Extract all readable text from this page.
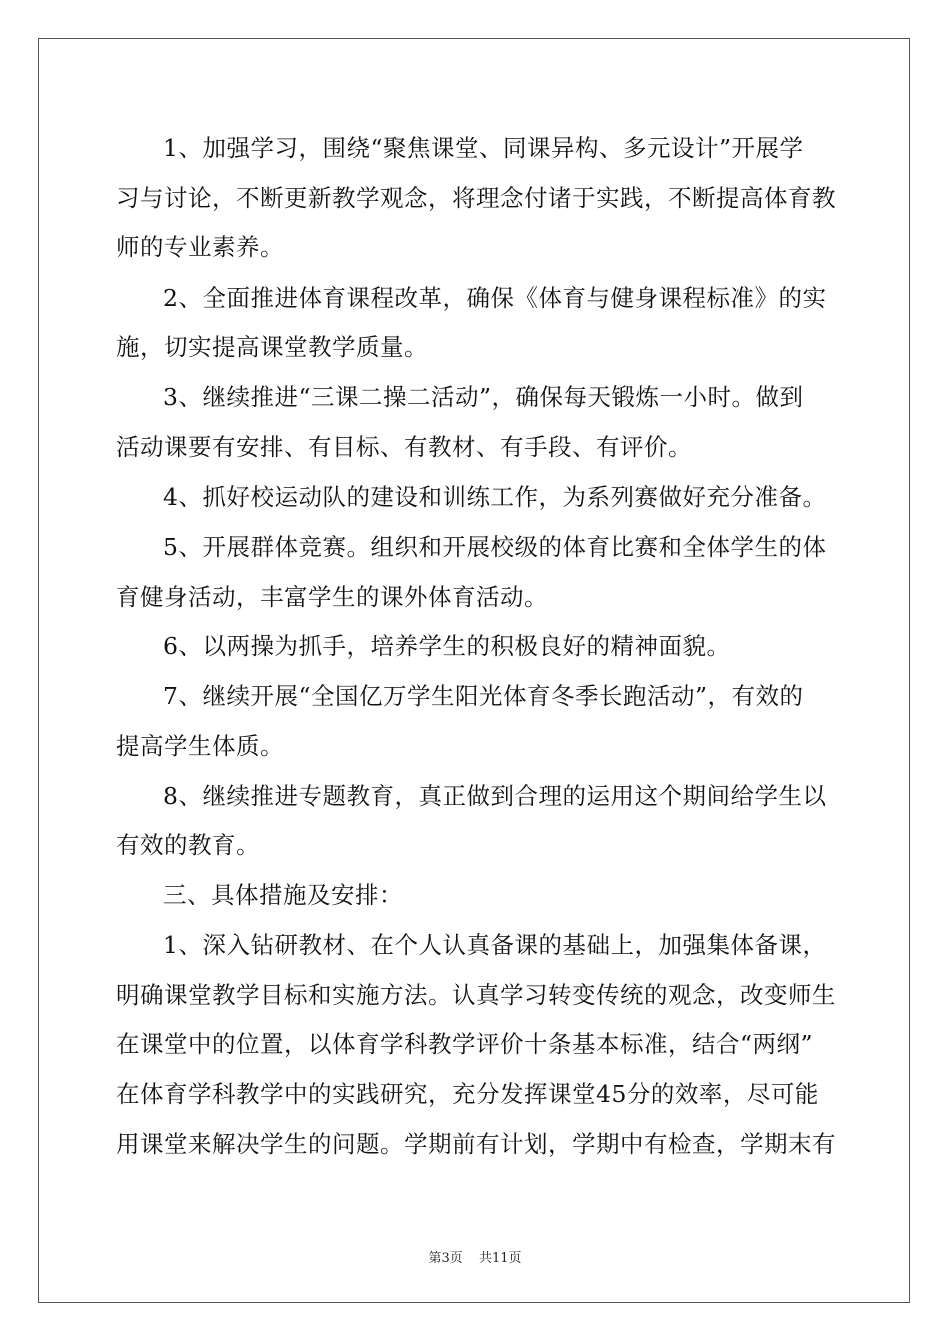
1、加强学习，围绕“聚焦课堂、同课异构、多元设计”开展学
习与讨论，不断更新教学观念，将理念付诸于实践，不断提高体育教
师的专业素养。
2、全面推进体育课程改革，确保《体育与健身课程标准》的实
施，切实提高课堂教学质量。
3、继续推进“三课二操二活动”，确保每天锻炼一小时。做到
活动课要有安排、有目标、有教材、有手段、有评价。
4、抓好校运动队的建设和训练工作，为系列赛做好充分准备。
5、开展群体竞赛。组织和开展校级的体育比赛和全体学生的体
育健身活动，丰富学生的课外体育活动。
6、以两操为抓手，培养学生的积极良好的精神面貌。
7、继续开展“全国亿万学生阳光体育冬季长跑活动”，有效的
提高学生体质。
8、继续推进专题教育，真正做到合理的运用这个期间给学生以
有效的教育。
三、具体措施及安排：
1、深入钻研教材、在个人认真备课的基础上，加强集体备课，
明确课堂教学目标和实施方法。认真学习转变传统的观念，改变师生
在课堂中的位置，以体育学科教学评价十条基本标准，结合“两纲”
在体育学科教学中的实践研究，充分发挥课堂45分的效率，尽可能
用课堂来解决学生的问题。学期前有计划，学期中有检查，学期末有
第3页 共11页
